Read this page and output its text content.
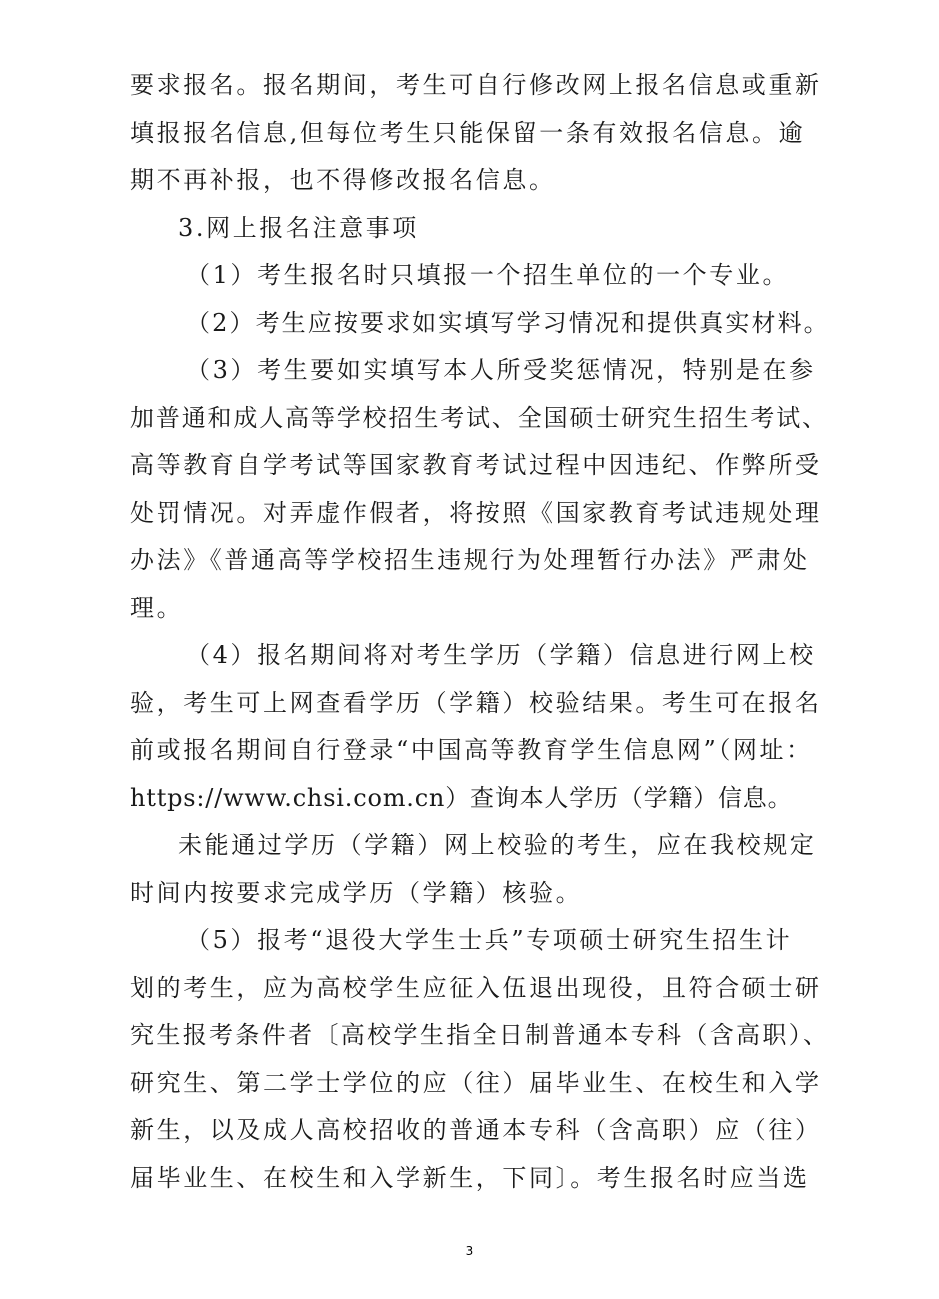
要求报名。报名期间，考生可自行修改网上报名信息或重新
填报报名信息,但每位考生只能保留一条有效报名信息。逾
期不再补报，也不得修改报名信息。
3.网上报名注意事项
（1）考生报名时只填报一个招生单位的一个专业。
（2）考生应按要求如实填写学习情况和提供真实材料。
（3）考生要如实填写本人所受奖惩情况，特别是在参
加普通和成人高等学校招生考试、全国硕士研究生招生考试、
高等教育自学考试等国家教育考试过程中因违纪、作弊所受
处罚情况。对弄虚作假者，将按照《国家教育考试违规处理
办法》《普通高等学校招生违规行为处理暂行办法》严肃处
理。
（4）报名期间将对考生学历（学籍）信息进行网上校
验，考生可上网查看学历（学籍）校验结果。考生可在报名
前或报名期间自行登录“中国高等教育学生信息网”（网址：
https://www.chsi.com.cn）查询本人学历（学籍）信息。
未能通过学历（学籍）网上校验的考生，应在我校规定
时间内按要求完成学历（学籍）核验。
（5）报考“退役大学生士兵”专项硕士研究生招生计
划的考生，应为高校学生应征入伍退出现役，且符合硕士研
究生报考条件者〔高校学生指全日制普通本专科（含高职）、
研究生、第二学士学位的应（往）届毕业生、在校生和入学
新生，以及成人高校招收的普通本专科（含高职）应（往）
届毕业生、在校生和入学新生，下同〕。考生报名时应当选
3
